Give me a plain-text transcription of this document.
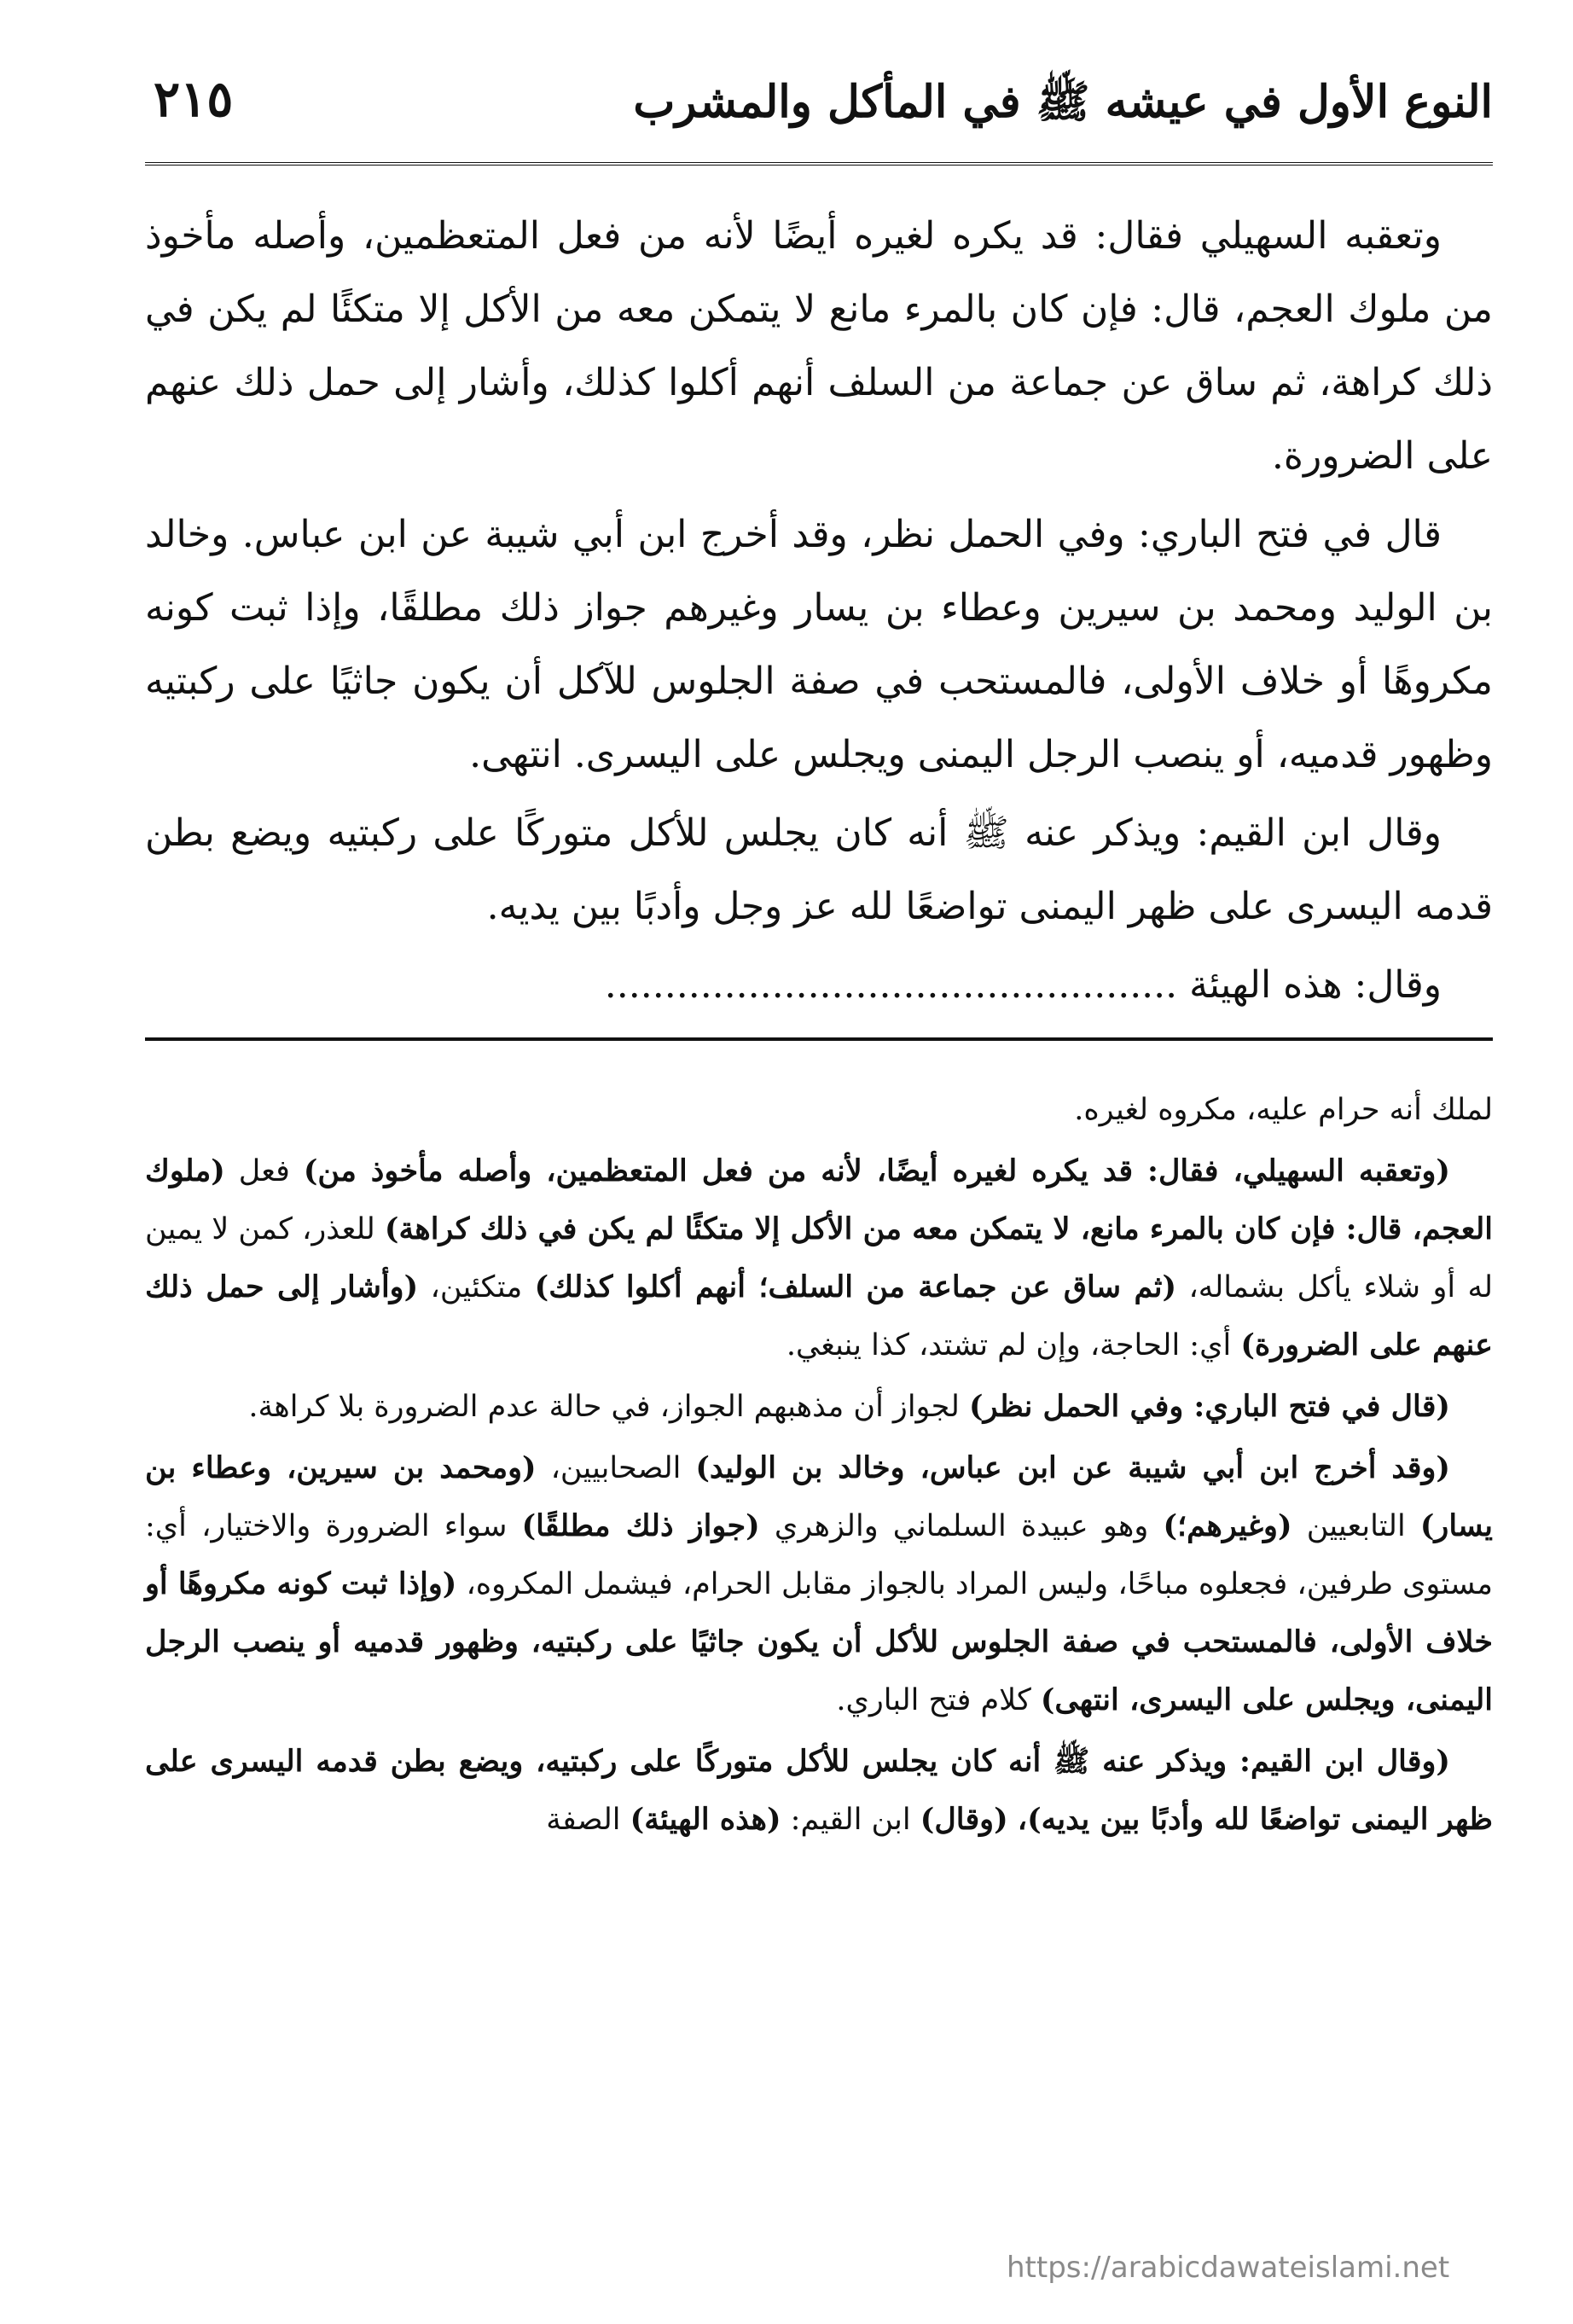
النوع الأول في عيشه ﷺ في المأكل والمشرب
٢١٥

وتعقبه السهيلي فقال: قد يكره لغيره أيضًا لأنه من فعل المتعظمين، وأصله مأخوذ من ملوك العجم، قال: فإن كان بالمرء مانع لا يتمكن معه من الأكل إلا متكئًا لم يكن في ذلك كراهة، ثم ساق عن جماعة من السلف أنهم أكلوا كذلك، وأشار إلى حمل ذلك عنهم على الضرورة.

قال في فتح الباري: وفي الحمل نظر، وقد أخرج ابن أبي شيبة عن ابن عباس. وخالد بن الوليد ومحمد بن سيرين وعطاء بن يسار وغيرهم جواز ذلك مطلقًا، وإذا ثبت كونه مكروهًا أو خلاف الأولى، فالمستحب في صفة الجلوس للآكل أن يكون جاثيًا على ركبتيه وظهور قدميه، أو ينصب الرجل اليمنى ويجلس على اليسرى. انتهى.

وقال ابن القيم: ويذكر عنه ﷺ أنه كان يجلس للأكل متوركًا على ركبتيه ويضع بطن قدمه اليسرى على ظهر اليمنى تواضعًا لله عز وجل وأدبًا بين يديه.

وقال: هذه الهيئة ................................................

لملك أنه حرام عليه، مكروه لغيره.

(وتعقبه السهيلي، فقال: قد يكره لغيره أيضًا، لأنه من فعل المتعظمين، وأصله مأخوذ من) فعل (ملوك العجم، قال: فإن كان بالمرء مانع، لا يتمكن معه من الأكل إلا متكئًا لم يكن في ذلك كراهة) للعذر، كمن لا يمين له أو شلاء يأكل بشماله، (ثم ساق عن جماعة من السلف؛ أنهم أكلوا كذلك) متكئين، (وأشار إلى حمل ذلك عنهم على الضرورة) أي: الحاجة، وإن لم تشتد، كذا ينبغي.

(قال في فتح الباري: وفي الحمل نظر) لجواز أن مذهبهم الجواز، في حالة عدم الضرورة بلا كراهة.

(وقد أخرج ابن أبي شيبة عن ابن عباس، وخالد بن الوليد) الصحابيين، (ومحمد بن سيرين، وعطاء بن يسار) التابعيين (وغيرهم؛) وهو عبيدة السلماني والزهري (جواز ذلك مطلقًا) سواء الضرورة والاختيار، أي: مستوى طرفين، فجعلوه مباحًا، وليس المراد بالجواز مقابل الحرام، فيشمل المكروه، (وإذا ثبت كونه مكروهًا أو خلاف الأولى، فالمستحب في صفة الجلوس للأكل أن يكون جاثيًا على ركبتيه، وظهور قدميه أو ينصب الرجل اليمنى، ويجلس على اليسرى، انتهى) كلام فتح الباري.

(وقال ابن القيم: ويذكر عنه ﷺ أنه كان يجلس للأكل متوركًا على ركبتيه، ويضع بطن قدمه اليسرى على ظهر اليمنى تواضعًا لله وأدبًا بين يديه)، (وقال) ابن القيم: (هذه الهيئة) الصفة

https://arabicdawateislami.net
